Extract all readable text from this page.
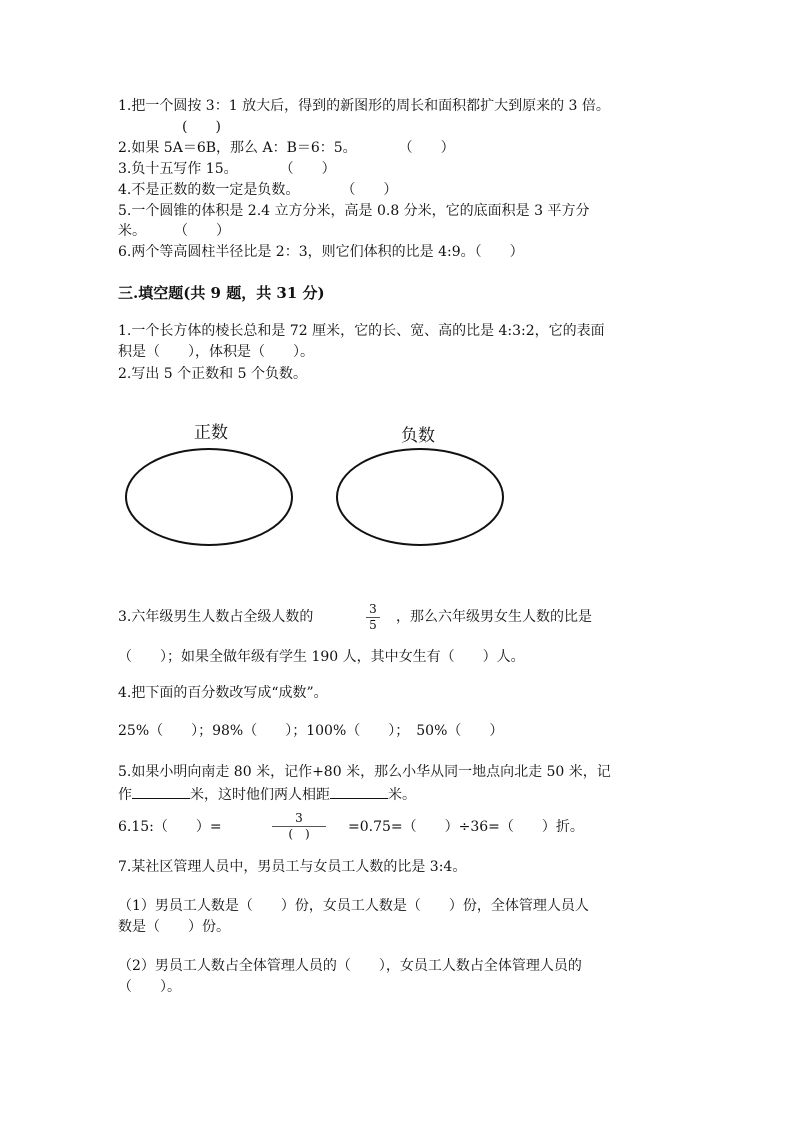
1.把一个圆按 3：1 放大后，得到的新图形的周长和面积都扩大到原来的 3 倍。
(　　)
2.如果 5A＝6B，那么 A：B＝6：5。　　　　（　　）
3.负十五写作 15。　　　　（　　）
4.不是正数的数一定是负数。　　　　（　　）
5.一个圆锥的体积是 2.4 立方分米，高是 0.8 分米，它的底面积是 3 平方分
米。　　　（　　）
6.两个等高圆柱半径比是 2：3，则它们体积的比是 4:9。（　　）
三.填空题(共 9 题，共 31 分)
1.一个长方体的棱长总和是 72 厘米，它的长、宽、高的比是 4:3:2，它的表面
积是（　　），体积是（　　）。
2.写出 5 个正数和 5 个负数。
正数	负数
3.六年级男生人数占全级人数的	3
5 ，那么六年级男女生人数的比是
（　　）；如果全做年级有学生 190 人，其中女生有（　　）人。
4.把下面的百分数改写成“成数”。
25%（　　）；98%（　　）；100%（　　）；　50%（　　）
5.如果小明向南走 80 米，记作+80 米，那么小华从同一地点向北走 50 米，记
作	米，这时他们两人相距	米。
6.15:（　　）=
3
(　)	=0.75=（　　）÷36=（　　）折。
7.某社区管理人员中，男员工与女员工人数的比是 3:4。
（1）男员工人数是（　　）份，女员工人数是（　　）份，全体管理人员人
数是（　　）份。
（2）男员工人数占全体管理人员的（　　），女员工人数占全体管理人员的
（　　）。
